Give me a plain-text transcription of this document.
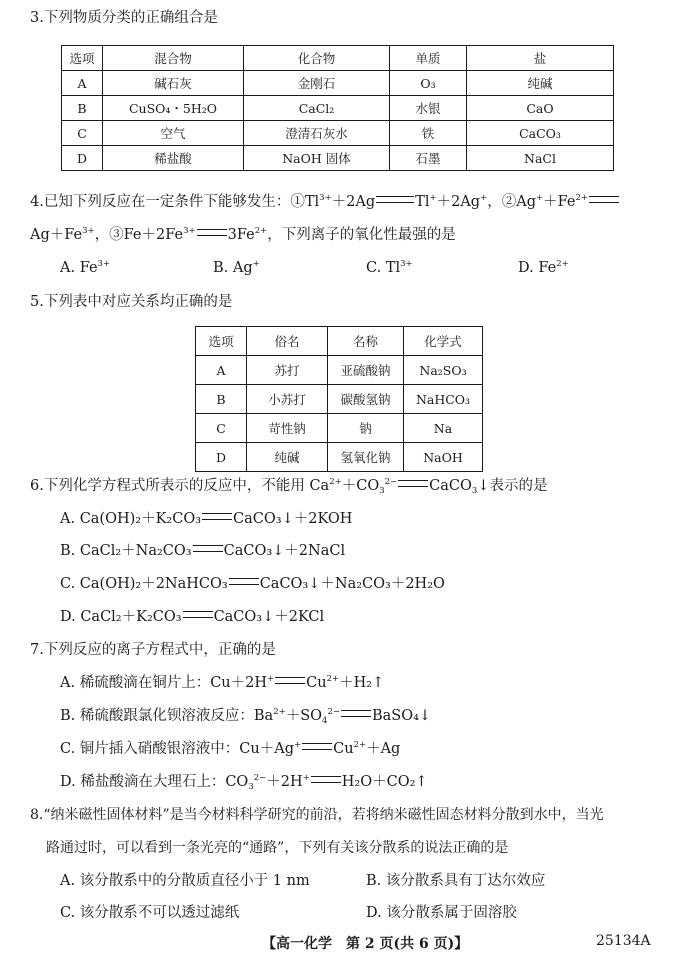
3.下列物质分类的正确组合是
选项	混合物	化合物	单质	盐
A	碱石灰	金刚石	O₃	纯碱
B	CuSO₄・5H₂O	CaCl₂	水银	CaO
C	空气	澄清石灰水	铁	CaCO₃
D	稀盐酸	NaOH 固体	石墨	NaCl
4.已知下列反应在一定条件下能够发生：$①Tl^{3+}+2Ag$	Tl+＋2Ag+，$②Ag^++Fe^{2+}$
$Ag+Fe^{3+}$，$③Fe+2Fe^{3+}$ $3Fe^{2+}$，下列离子的氧化性最强的是
A. $Fe^{3+}$	B. Ag+	C. $Tl^{3+}$	D. $Fe^{2+}$
5.下列表中对应关系均正确的是
选项	俗名	名称	化学式
A	苏打	亚硫酸钠	Na₂SO₃
B	小苏打	碳酸氢钠	NaHCO₃
C	苛性钠	钠	Na
D	纯碱	氢氧化钠	NaOH
6.下列化学方程式所表示的反应中，不能用 $Ca^{2+}+CO_3^{2-}$ CaCO$_3$↓表示的是
A. Ca(OH)₂＋K₂CO₃ CaCO₃↓＋2KOH
B. CaCl₂＋Na₂CO₃ CaCO₃↓＋2NaCl
C. Ca(OH)₂＋2NaHCO₃ CaCO₃↓＋Na₂CO₃＋2H₂O
D. CaCl₂＋K₂CO₃ CaCO₃↓＋2KCl
7.下列反应的离子方程式中，正确的是
A. 稀硫酸滴在铜片上：Cu＋2H+ $Cu^{2+}+H_2↑$
B. 稀硫酸跟氯化钡溶液反应：$Ba^{2+}+SO_4^{2-}$ BaSO₄↓
C. 铜片插入硝酸银溶液中：Cu＋Ag+ $Cu^{2+}+Ag$
D. 稀盐酸滴在大理石上：$CO_3^{2-}+2H^+$ H₂O＋CO₂↑
8.“纳米磁性固体材料”是当今材料科学研究的前沿，若将纳米磁性固态材料分散到水中，当光
路通过时，可以看到一条光亮的“通路”，下列有关该分散系的说法正确的是
A. 该分散系中的分散质直径小于 1 nm	B. 该分散系具有丁达尔效应
C. 该分散系不可以透过滤纸	D. 该分散系属于固溶胶
【高一化学　第 2 页(共 6 页)】	25134A
